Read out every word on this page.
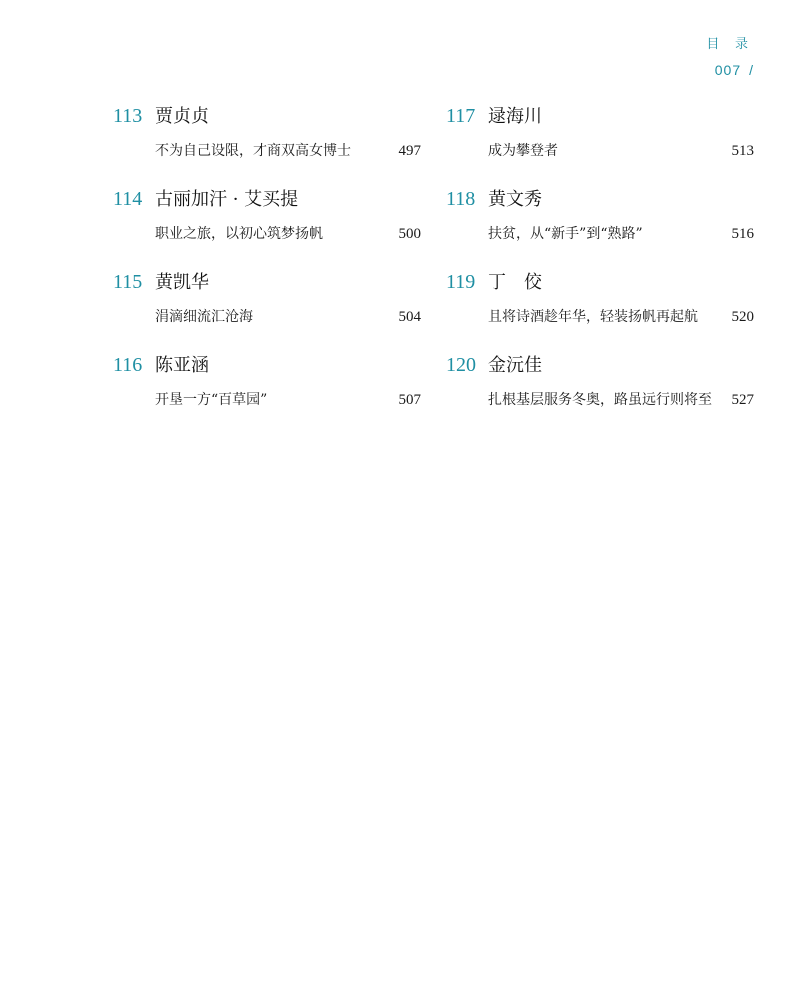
目 录
007 /
113 贾贞贞
不为自己设限，才商双高女博士	497
114 古丽加汗 · 艾买提
职业之旅，以初心筑梦扬帆	500
115 黄凯华
涓滴细流汇沧海	504
116 陈亚涵
开垦一方“百草园”	507
117 逯海川
成为攀登者	513
118 黄文秀
扶贫，从“新手”到“熟路”	516
119 丁　佼
且将诗酒趁年华，轻装扬帆再起航 520
120 金沅佳
扎根基层服务冬奥，路虽远行则将至 527
